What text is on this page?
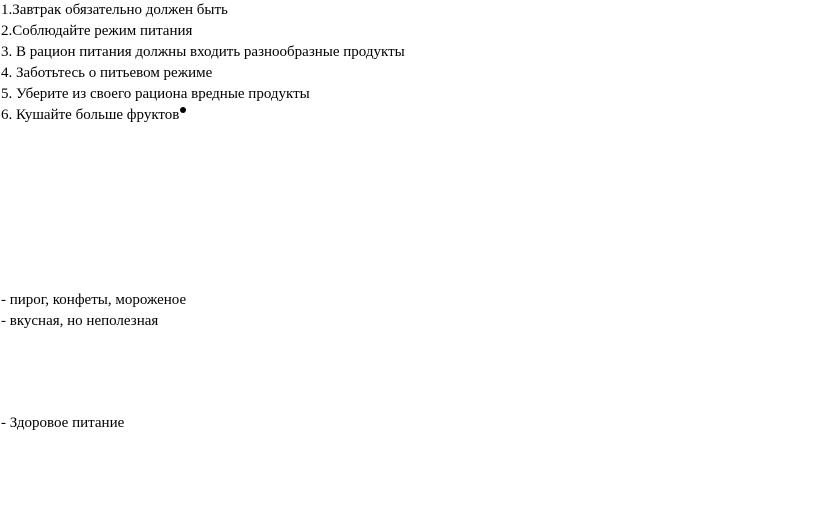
1.Завтрак обязательно должен быть
2.Соблюдайте режим питания
3. В рацион питания должны входить разнообразные продукты
4. Заботьтесь о питьевом режиме
5. Уберите из своего рациона вредные продукты
6. Кушайте больше фруктов
- пирог, конфеты, мороженое
- вкусная, но неполезная
- Здоровое питание
